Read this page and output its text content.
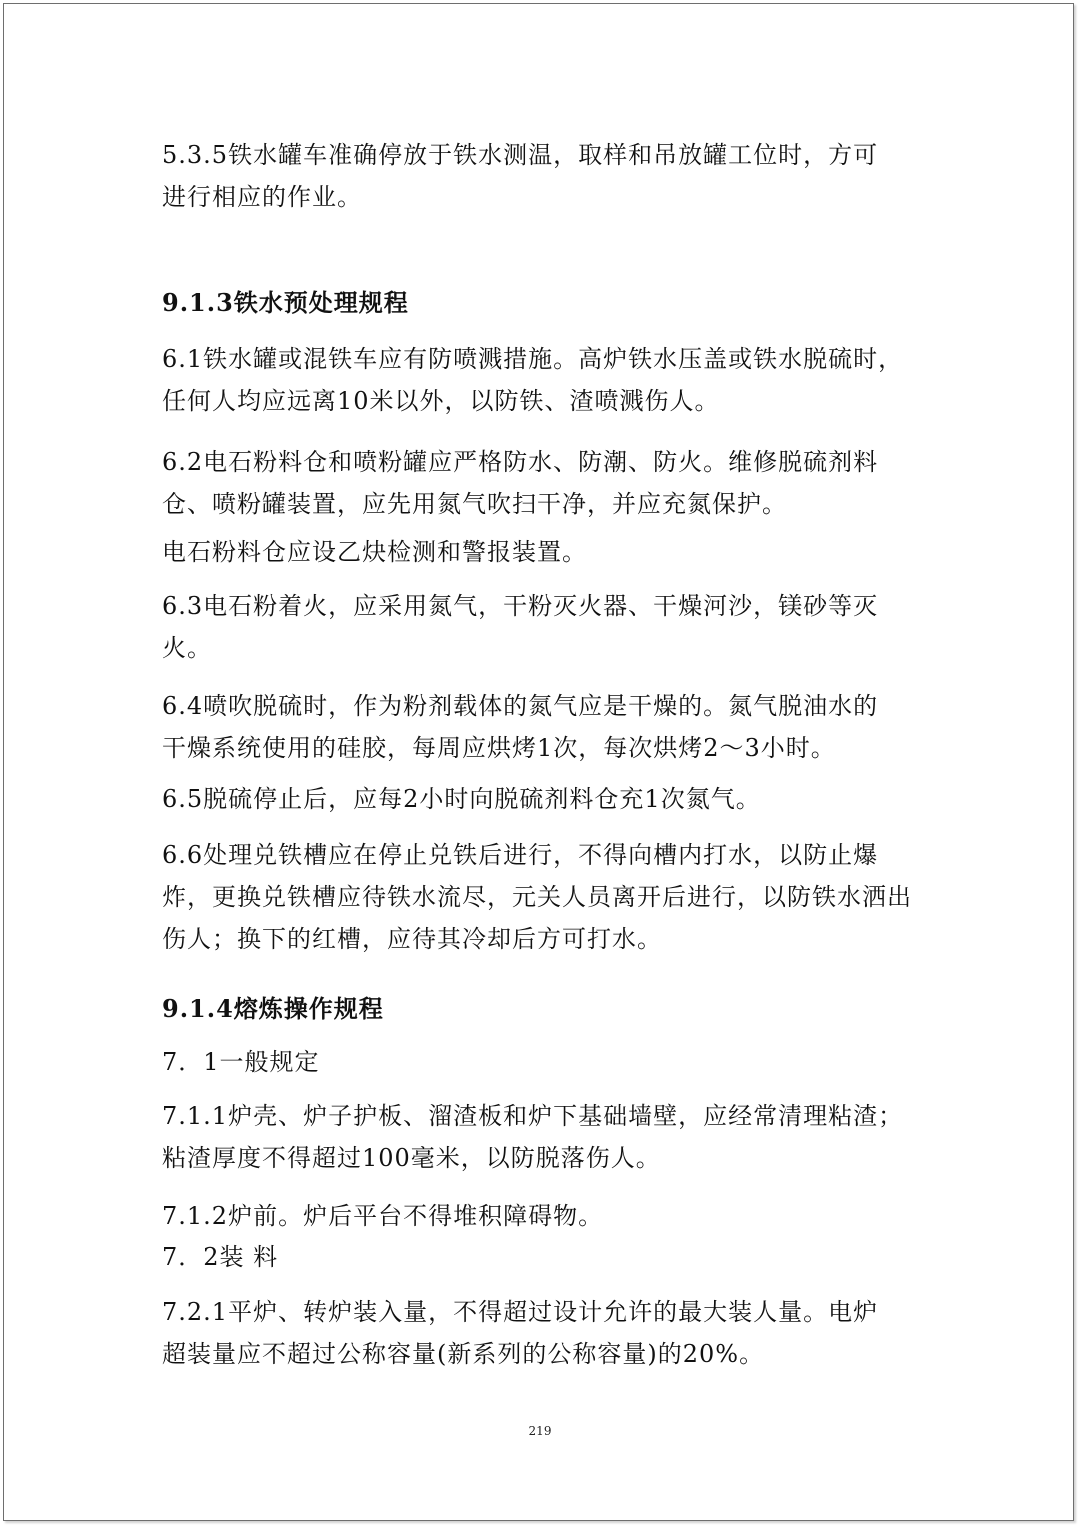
5.3.5铁水罐车准确停放于铁水测温，取样和吊放罐工位时，方可
进行相应的作业。
9.1.3铁水预处理规程
6.1铁水罐或混铁车应有防喷溅措施。高炉铁水压盖或铁水脱硫时，
任何人均应远离10米以外，以防铁、渣喷溅伤人。
6.2电石粉料仓和喷粉罐应严格防水、防潮、防火。维修脱硫剂料
仓、喷粉罐装置，应先用氮气吹扫干净，并应充氮保护。
电石粉料仓应设乙炔检测和警报装置。
6.3电石粉着火，应采用氮气，干粉灭火器、干燥河沙，镁砂等灭
火。
6.4喷吹脱硫时，作为粉剂载体的氮气应是干燥的。氮气脱油水的
干燥系统使用的硅胶，每周应烘烤1次，每次烘烤2～3小时。
6.5脱硫停止后，应每2小时向脱硫剂料仓充1次氮气。
6.6处理兑铁槽应在停止兑铁后进行，不得向槽内打水，以防止爆
炸，更换兑铁槽应待铁水流尽，元关人员离开后进行，以防铁水洒出
伤人；换下的红槽，应待其冷却后方可打水。
9.1.4熔炼操作规程
7．1一般规定
7.1.1炉壳、炉子护板、溜渣板和炉下基础墙壁，应经常清理粘渣；
粘渣厚度不得超过100毫米，以防脱落伤人。
7.1.2炉前。炉后平台不得堆积障碍物。
7．2装 料
7.2.1平炉、转炉装入量，不得超过设计允许的最大装人量。电炉
超装量应不超过公称容量(新系列的公称容量)的20%。
219
